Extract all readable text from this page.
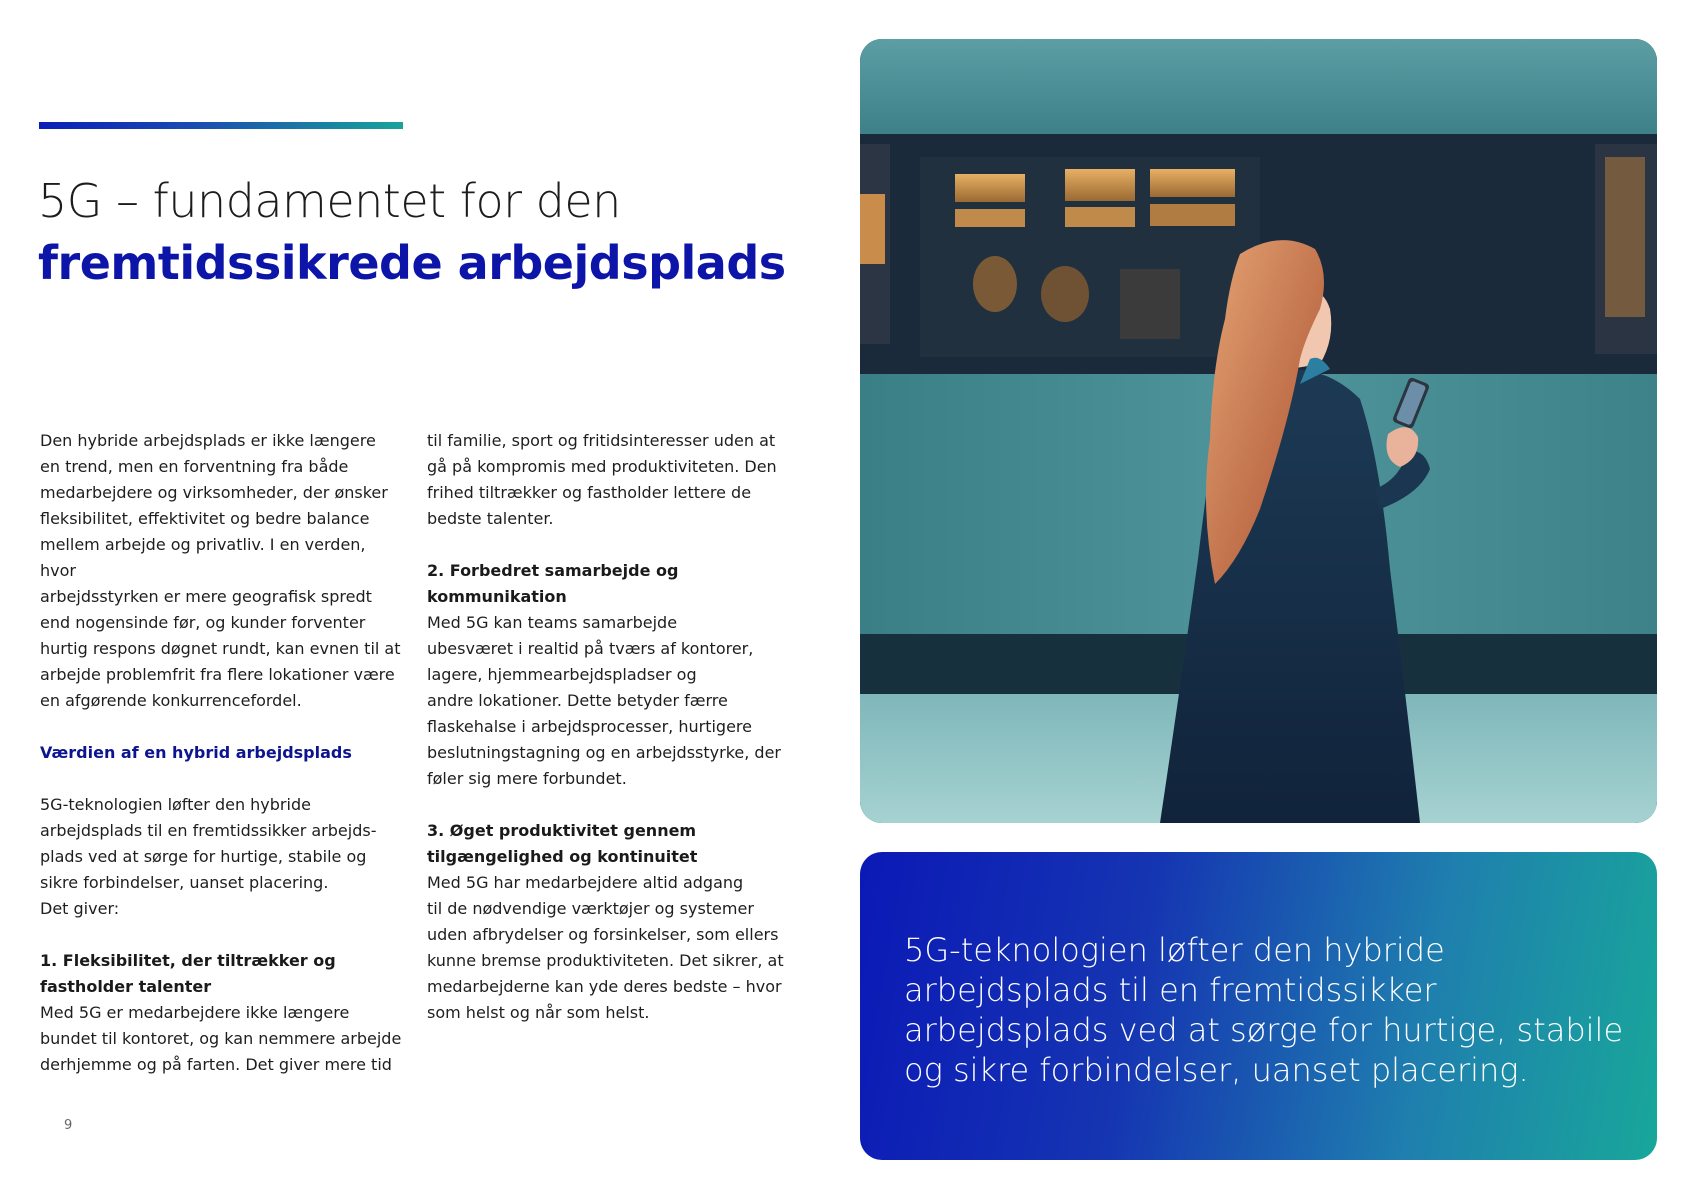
5G – fundamentet for den
fremtidssikrede arbejdsplads

Den hybride arbejdsplads er ikke længere

en trend, men en forventning fra både

medarbejdere og virksomheder, der ønsker

fleksibilitet, effektivitet og bedre balance

mellem arbejde og privatliv. I en verden, hvor

arbejdsstyrken er mere geografisk spredt

end nogensinde før, og kunder forventer

hurtig respons døgnet rundt, kan evnen til at

arbejde problemfrit fra flere lokationer være

en afgørende konkurrencefordel.

Værdien af en hybrid arbejdsplads

5G-teknologien løfter den hybride

arbejdsplads til en fremtidssikker arbejds-

plads ved at sørge for hurtige, stabile og

sikre forbindelser, uanset placering.

Det giver:

1. Fleksibilitet, der tiltrækker og

fastholder talenter

Med 5G er medarbejdere ikke længere

bundet til kontoret, og kan nemmere arbejde

derhjemme og på farten. Det giver mere tid

til familie, sport og fritidsinteresser uden at

gå på kompromis med produktiviteten. Den

frihed tiltrækker og fastholder lettere de

bedste talenter.

2. Forbedret samarbejde og

kommunikation

Med 5G kan teams samarbejde

ubesværet i realtid på tværs af kontorer,

lagere, hjemmearbejdspladser og

andre lokationer. Dette betyder færre

flaskehalse i arbejdsprocesser, hurtigere

beslutningstagning og en arbejdsstyrke, der

føler sig mere forbundet.

3. Øget produktivitet gennem

tilgængelighed og kontinuitet

Med 5G har medarbejdere altid adgang

til de nødvendige værktøjer og systemer

uden afbrydelser og forsinkelser, som ellers

kunne bremse produktiviteten. Det sikrer, at

medarbejderne kan yde deres bedste – hvor

som helst og når som helst.

9

5G-teknologien løfter den hybride arbejdsplads til en fremtidssikker arbejdsplads ved at sørge for hurtige, stabile og sikre forbindelser, uanset placering.
